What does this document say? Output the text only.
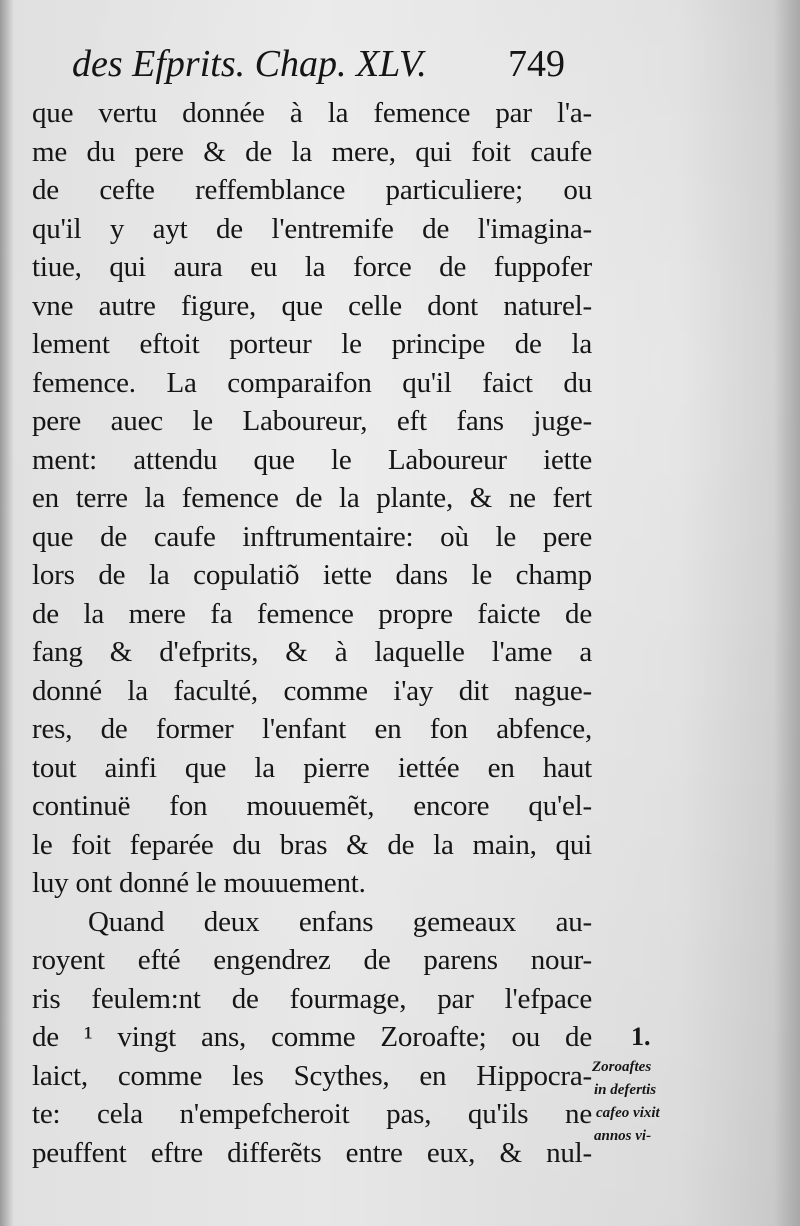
des Efprits. Chap. XLV. 749
que vertu donnée à la femence par l'a-
me du pere & de la mere, qui foit caufe
de cefte reffemblance particuliere; ou
qu'il y ayt de l'entremife de l'imagina-
tiue, qui aura eu la force de fuppofer
vne autre figure, que celle dont naturel-
lement eftoit porteur le principe de la
femence. La comparaifon qu'il faict du
pere auec le Laboureur, eft fans juge-
ment: attendu que le Laboureur iette
en terre la femence de la plante, & ne fert
que de caufe inftrumentaire: où le pere
lors de la copulatiõ iette dans le champ
de la mere fa femence propre faicte de
fang & d'efprits, & à laquelle l'ame a
donné la faculté, comme i'ay dit nague-
res, de former l'enfant en fon abfence,
tout ainfi que la pierre iettée en haut
continuë fon mouuemẽt, encore qu'el-
le foit feparée du bras & de la main, qui
luy ont donné le mouuement.
Quand deux enfans gemeaux au-
royent efté engendrez de parens nour-
ris feulem:nt de fourmage, par l'efpace
de ¹ vingt ans, comme Zoroafte; ou de
laict, comme les Scythes, en Hippocra-
te: cela n'empefcheroit pas, qu'ils ne
peuffent eftre differẽts entre eux, & nul-
1.
Zoroaftes
in defertis
cafeo vixit
annos vi-
